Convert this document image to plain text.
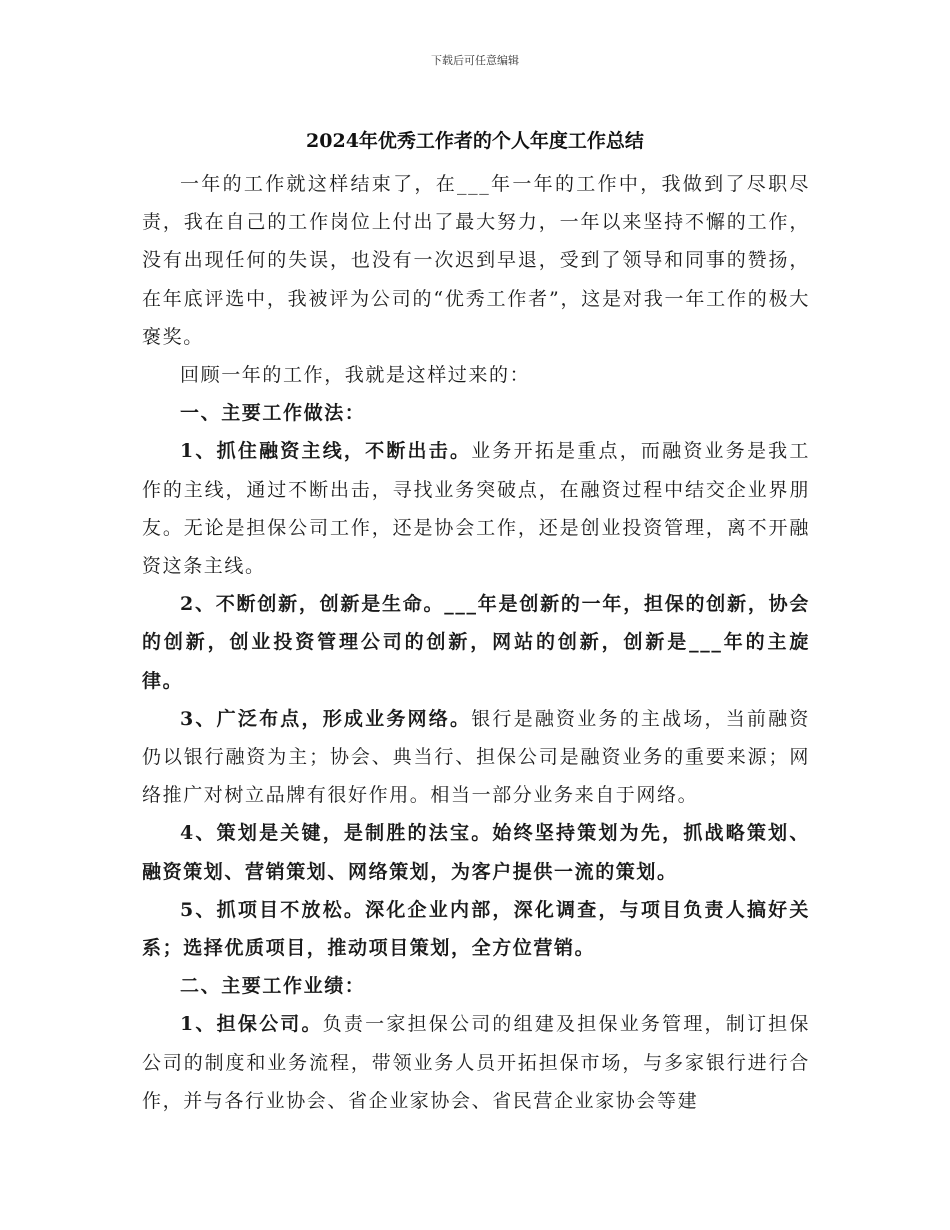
下载后可任意编辑
2024年优秀工作者的个人年度工作总结

一年的工作就这样结束了，在___年一年的工作中，我做到了尽职尽责，我在自己的工作岗位上付出了最大努力，一年以来坚持不懈的工作，没有出现任何的失误，也没有一次迟到早退，受到了领导和同事的赞扬，在年底评选中，我被评为公司的“优秀工作者”，这是对我一年工作的极大褒奖。

回顾一年的工作，我就是这样过来的：

一、主要工作做法：

1、抓住融资主线，不断出击。业务开拓是重点，而融资业务是我工作的主线，通过不断出击，寻找业务突破点，在融资过程中结交企业界朋友。无论是担保公司工作，还是协会工作，还是创业投资管理，离不开融资这条主线。

2、不断创新，创新是生命。___年是创新的一年，担保的创新，协会的创新，创业投资管理公司的创新，网站的创新，创新是___年的主旋律。

3、广泛布点，形成业务网络。银行是融资业务的主战场，当前融资仍以银行融资为主；协会、典当行、担保公司是融资业务的重要来源；网络推广对树立品牌有很好作用。相当一部分业务来自于网络。

4、策划是关键，是制胜的法宝。始终坚持策划为先，抓战略策划、融资策划、营销策划、网络策划，为客户提供一流的策划。

5、抓项目不放松。深化企业内部，深化调查，与项目负责人搞好关系；选择优质项目，推动项目策划，全方位营销。

二、主要工作业绩：

1、担保公司。负责一家担保公司的组建及担保业务管理，制订担保公司的制度和业务流程，带领业务人员开拓担保市场，与多家银行进行合作，并与各行业协会、省企业家协会、省民营企业家协会等建
